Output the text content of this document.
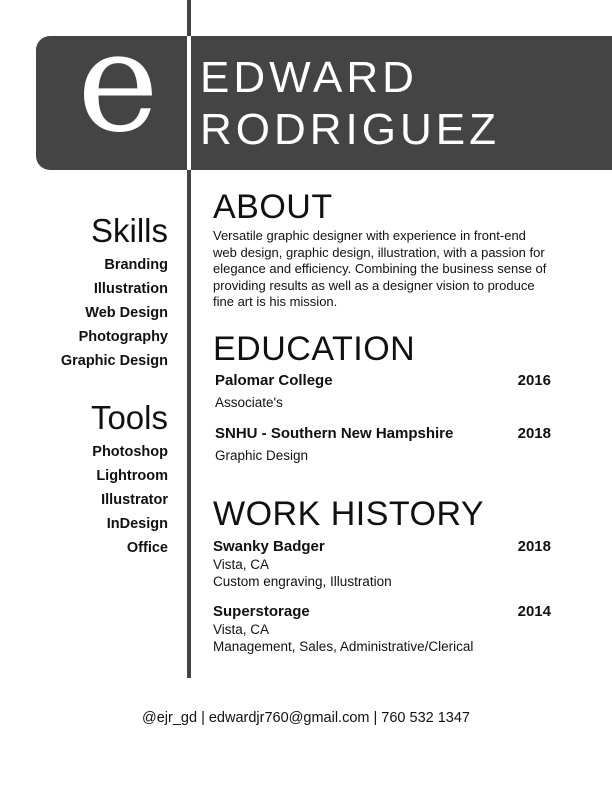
e EDWARD
RODRIGUEZ
Skills
Branding
Illustration
Web Design
Photography
Graphic Design
Tools
Photoshop
Lightroom
Illustrator
InDesign
Office
ABOUT
Versatile graphic designer with experience in front-end web design, graphic design, illustration, with a passion for elegance and efficiency. Combining the business sense of providing results as well as a designer vision to produce fine art is his mission.
EDUCATION
Palomar College	2016
Associate's
SNHU - Southern New Hampshire	2018
Graphic Design
WORK HISTORY
Swanky Badger	2018
Vista, CA
Custom engraving, Illustration
Superstorage	2014
Vista, CA
Management, Sales, Administrative/Clerical
@ejr_gd | edwardjr760@gmail.com | 760 532 1347
